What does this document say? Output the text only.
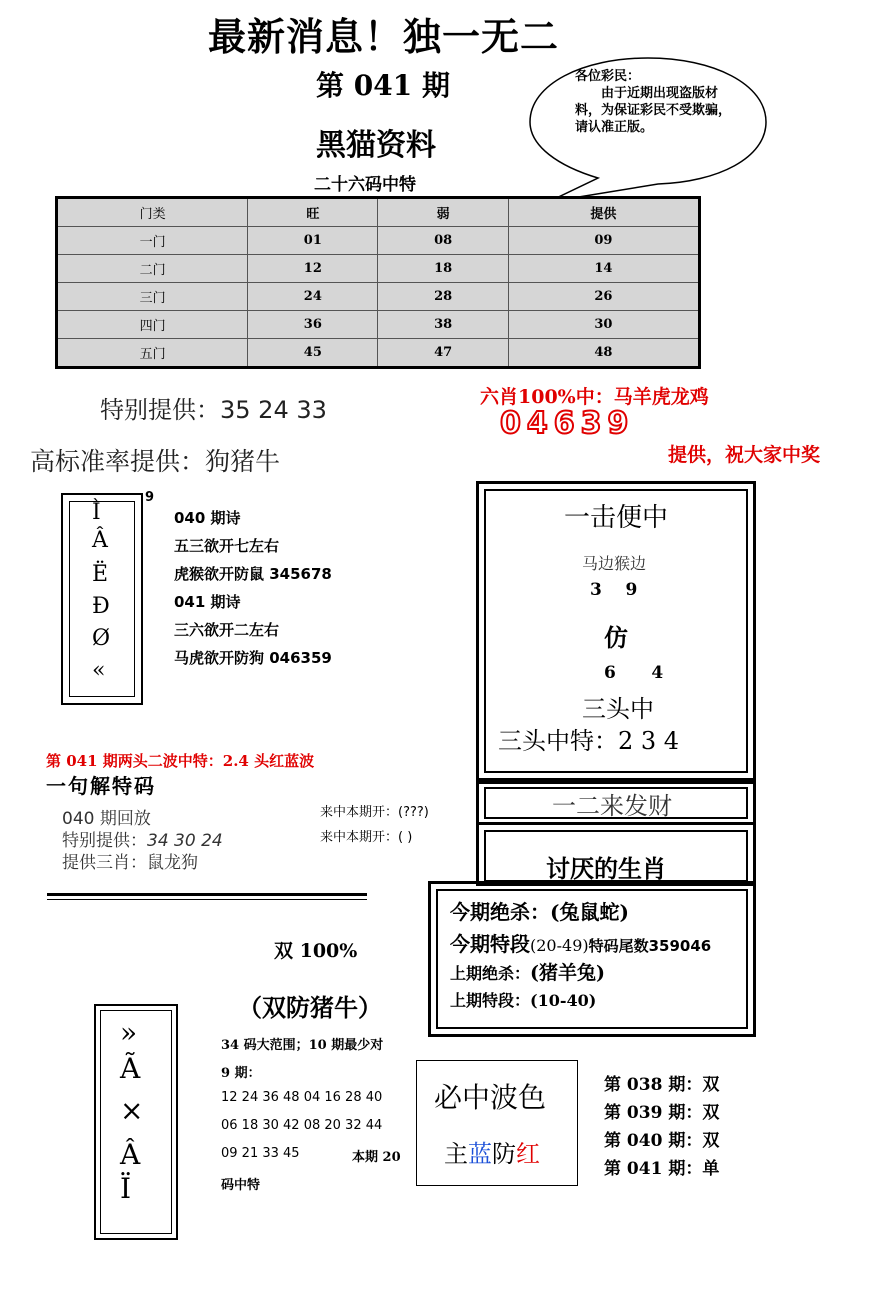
最新消息！独一无二
第 041 期
黑猫资料
二十六码中特
各位彩民：
由于近期出现盗版材料，为保证彩民不受欺骗，请认准正版。
门类	旺	弱	提供
一门	01	08	09
二门	12	18	14
三门	24	28	26
四门	36	38	30
五门	45	47	48
特别提供：35 24 33	六肖100%中：马羊虎龙鸡
04639
提供，祝大家中奖
高标准率提供：狗猪牛
9
Ì
Â
Ë
Đ
Ø
«
040 期诗
五三欲开七左右
虎猴欲开防鼠 345678
041 期诗
三六欲开二左右
马虎欲开防狗 046359
一击便中
马边猴边
3    9
仿
6      4
三头中
三头中特：2 3 4
第 041 期两头二波中特：2.4 头红蓝波
一句解特码
040 期回放
特别提供：34 30 24
提供三肖：鼠龙狗
来中本期开：(???)
来中本期开：( )
一二来发财
讨厌的生肖
今期绝杀：(兔鼠蛇)
今期特段(20-49)特码尾数359046
上期绝杀：(猪羊兔)
上期特段：(10-40)
双 100%
（双防猪牛）
»
Ã
×
Â
Ï
34 码大范围；10 期最少对
9 期：
12 24 36 48 04 16 28 40
06 18 30 42 08 20 32 44
09 21 33 45	本期 20
码中特
必中波色
主蓝防红
第 038 期：双
第 039 期：双
第 040 期：双
第 041 期：单
